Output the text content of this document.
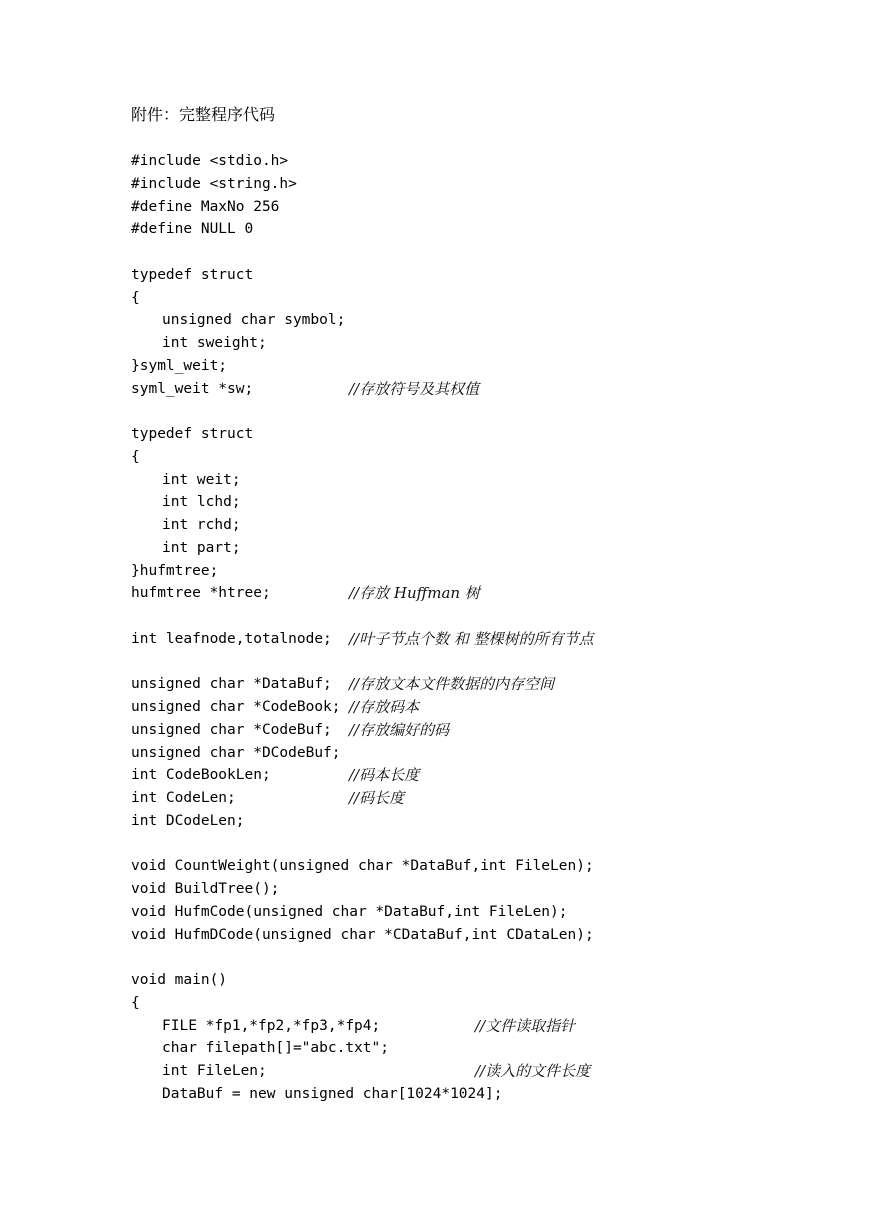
附件：完整程序代码
#include <stdio.h>
#include <string.h>
#define MaxNo 256
#define NULL 0
typedef struct
{
unsigned char symbol;
int sweight;
}syml_weit;
syml_weit *sw;	//存放符号及其权值
typedef struct
{
int weit;
int lchd;
int rchd;
int part;
}hufmtree;
hufmtree *htree;	//存放 Huffman 树
int leafnode,totalnode; //叶子节点个数 和 整棵树的所有节点
unsigned char *DataBuf; //存放文本文件数据的内存空间
unsigned char *CodeBook; //存放码本
unsigned char *CodeBuf; //存放编好的码
unsigned char *DCodeBuf;
int CodeBookLen;	//码本长度
int CodeLen;	//码长度
int DCodeLen;
void CountWeight(unsigned char *DataBuf,int FileLen);
void BuildTree();
void HufmCode(unsigned char *DataBuf,int FileLen);
void HufmDCode(unsigned char *CDataBuf,int CDataLen);
void main()
{
FILE *fp1,*fp2,*fp3,*fp4;	//文件读取指针
char filepath[]="abc.txt";
int FileLen;	//读入的文件长度
DataBuf = new unsigned char[1024*1024];
